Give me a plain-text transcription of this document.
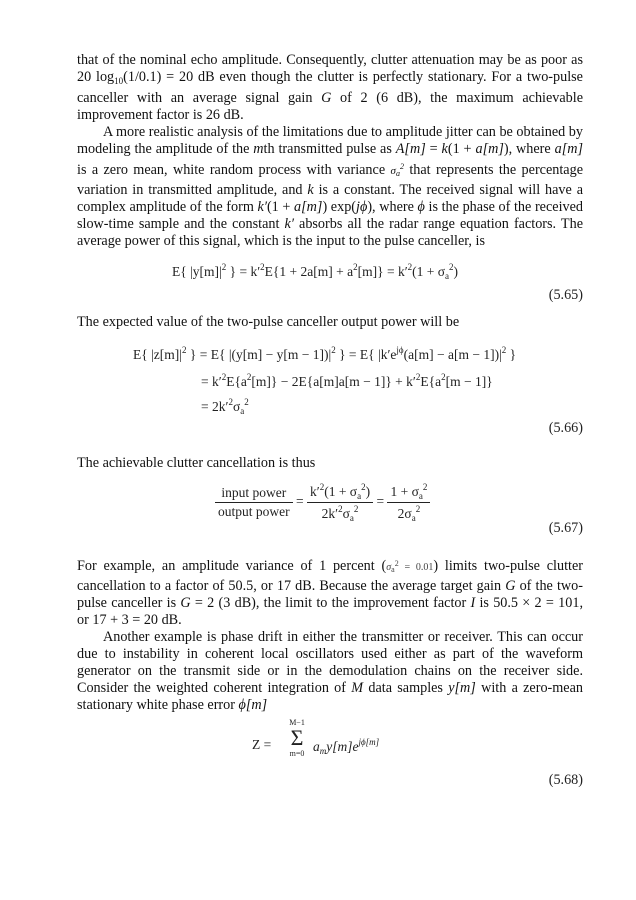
that of the nominal echo amplitude. Consequently, clutter attenuation may be as poor as 20 $\log_{10}(1/0.1) = 20$ dB even though the clutter is perfectly stationary. For a two-pulse canceller with an average signal gain G of 2 (6 dB), the maximum achievable improvement factor is 26 dB.

A more realistic analysis of the limitations due to amplitude jitter can be obtained by modeling the amplitude of the mth transmitted pulse as A[m] = k(1 + a[m]), where a[m] is a zero mean, white random process with variance $\sigma a^2$ that represents the percentage variation in transmitted amplitude, and k is a constant. The received signal will have a complex amplitude of the form k′(1 + a[m]) exp(jϕ), where ϕ is the phase of the received slow-time sample and the constant k′ absorbs all the radar range equation factors. The average power of this signal, which is the input to the pulse canceller, is

E{ $|y[m]|^2$ } = $k'^2E\{1 + 2a[m] + a^2[m]\} = k'^2(1 + \sigma_a^2)$
(5.65)

The expected value of the two-pulse canceller output power will be

E{ $|z[m]|^2$ } = E{ $|(y[m] - y[m - 1])|^2$ } = E{ $|k'e^{j\phi}(a[m] - a[m - 1])|^2$ }
= $k'^2E\{a^2[m]\} - 2E\{a[m]a[m - 1]\} + k'^2E\{a^2[m - 1]\}$
= $2k'^2\sigma_a^2$
(5.66)

The achievable clutter cancellation is thus

$\frac{\text{input power}}{\text{output power}} = \frac{k'^2(1 + \sigma_a^2)}{2k'^2\sigma_a^2} = \frac{1 + \sigma_a^2}{2\sigma_a^2}$
(5.67)

For example, an amplitude variance of 1 percent $(\sigma_a^2 = 0.01)$ limits two-pulse clutter cancellation to a factor of 50.5, or 17 dB. Because the average target gain G of the two-pulse canceller is G = 2 (3 dB), the limit to the improvement factor I is 50.5 × 2 = 101, or 17 + 3 = 20 dB.

Another example is phase drift in either the transmitter or receiver. This can occur due to instability in coherent local oscillators used either as part of the waveform generator on the transmit side or in the demodulation chains on the receiver side. Consider the weighted coherent integration of M data samples y[m] with a zero-mean stationary white phase error ϕ[m]

Z =
M−1
Σ
m=0 $a_my[m]e^{j\phi[m]}$
(5.68)
